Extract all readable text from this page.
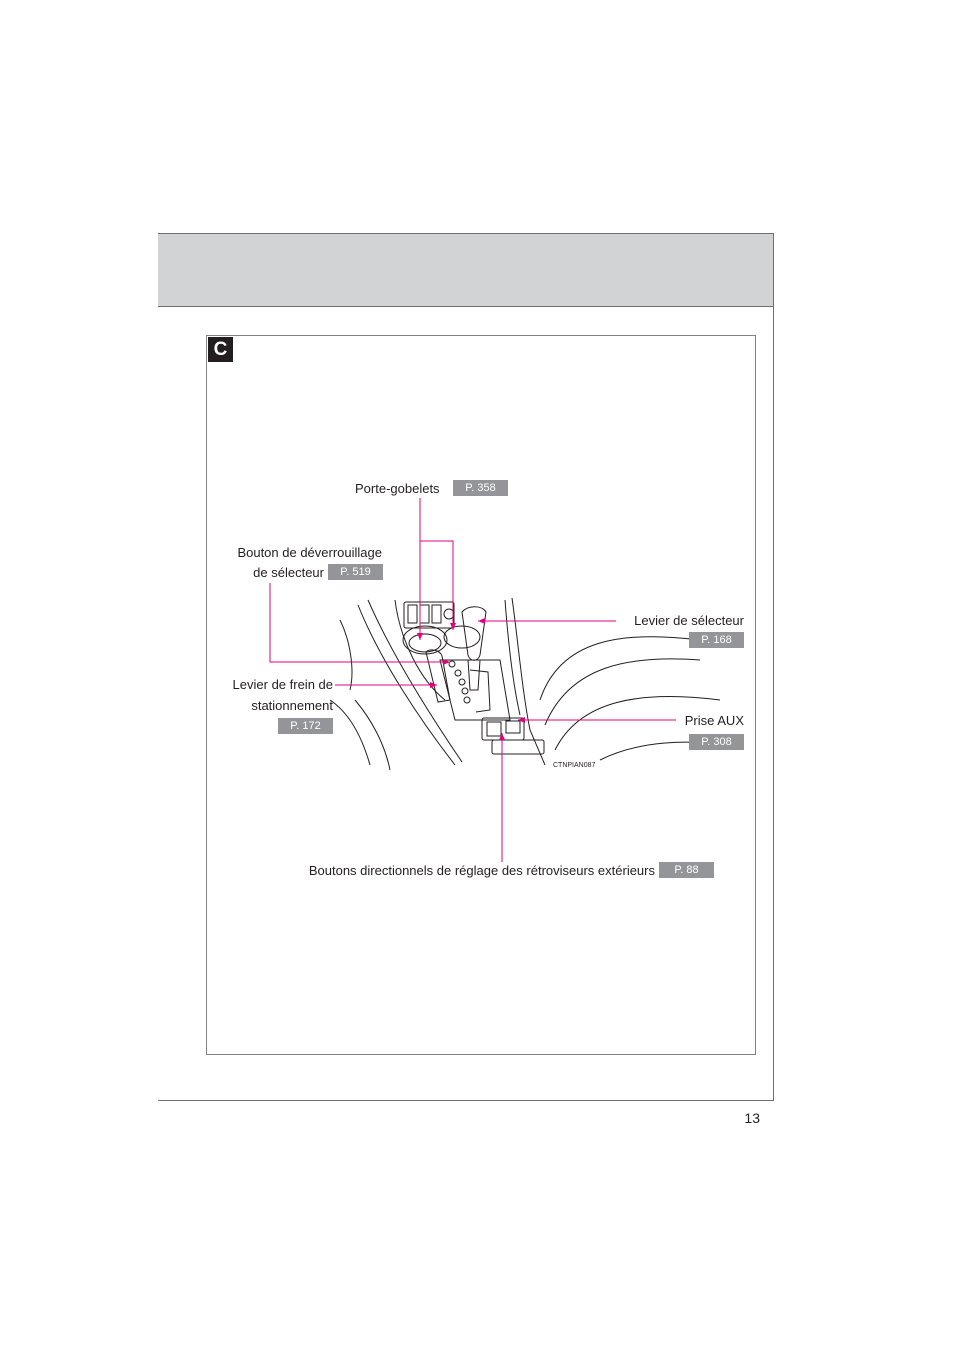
13
C
CTNPIAN087
Porte-gobelets	P. 358
Bouton de déverrouillage
de sélecteur	P. 519
Levier de sélecteur
P. 168
Levier de frein de
stationnement
P. 172	Prise AUX
P. 308
Boutons directionnels de réglage des rétroviseurs extérieurs	P. 88
